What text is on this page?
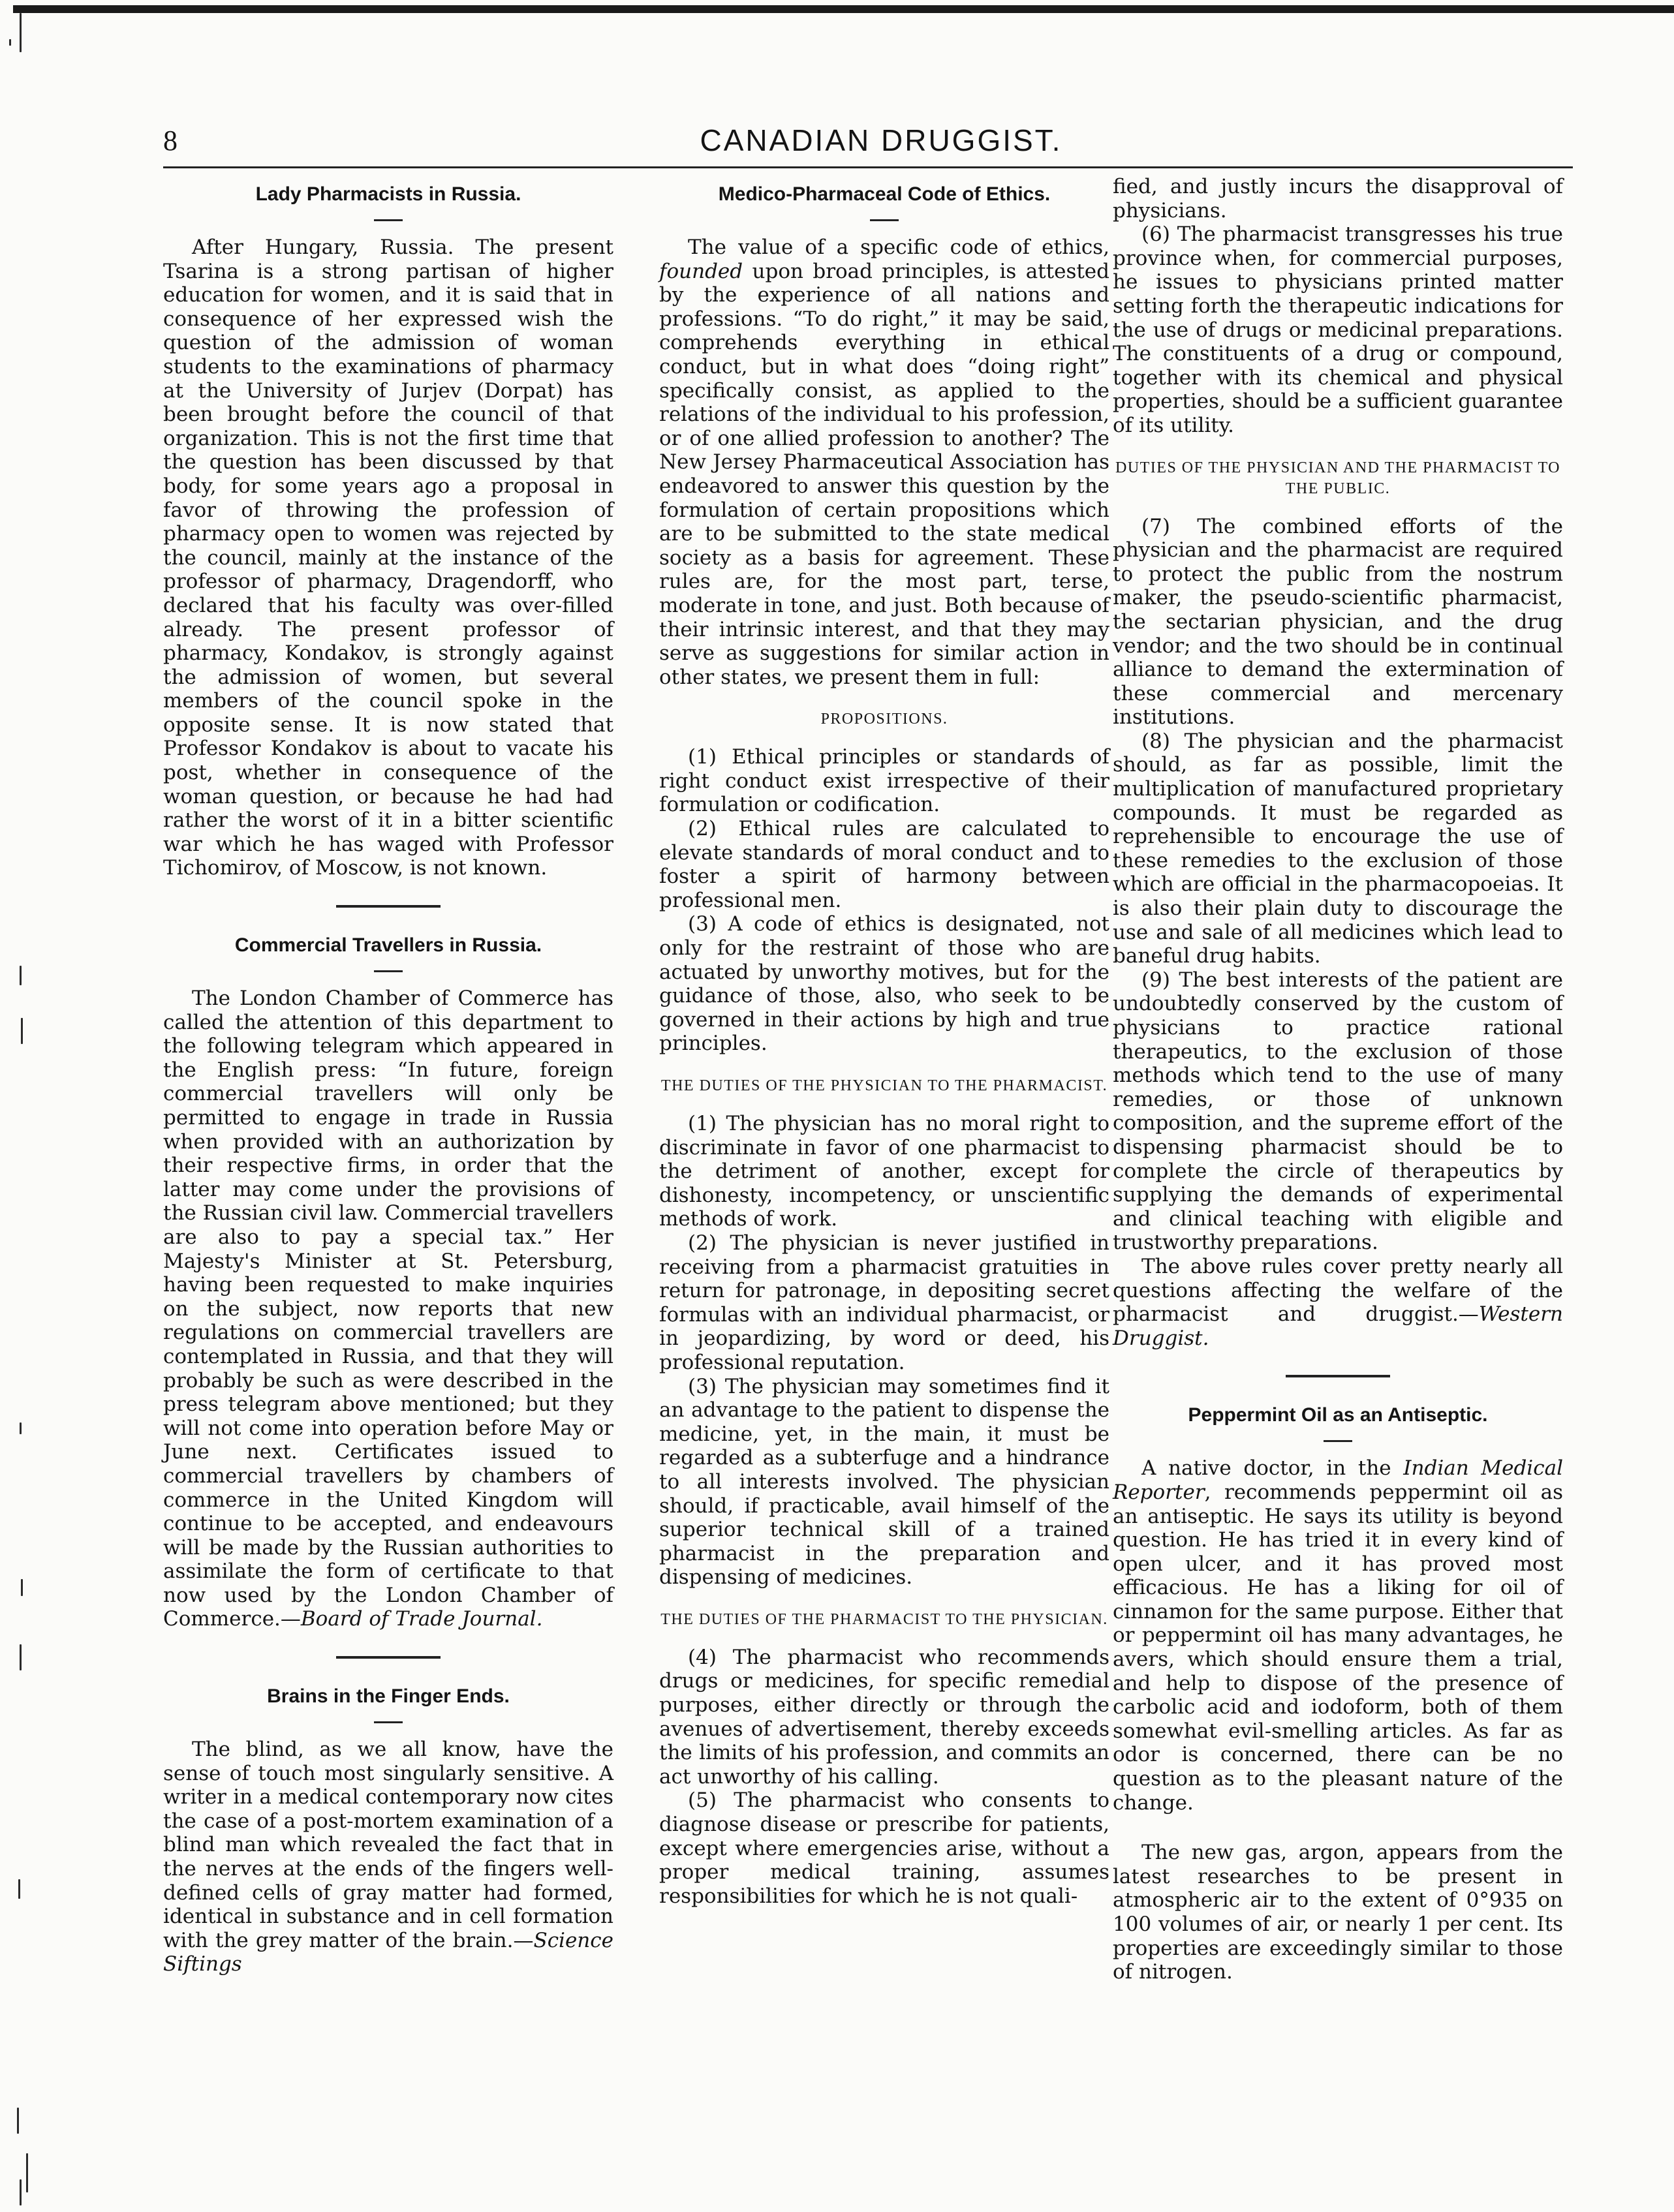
8	CANADIAN DRUGGIST.
Lady Pharmacists in Russia.

After Hungary, Russia. The present Tsarina is a strong partisan of higher education for women, and it is said that in consequence of her expressed wish the question of the admission of woman students to the examinations of pharmacy at the University of Jurjev (Dorpat) has been brought before the council of that organization. This is not the first time that the question has been discussed by that body, for some years ago a proposal in favor of throwing the profession of pharmacy open to women was rejected by the council, mainly at the instance of the professor of pharmacy, Dragendorff, who declared that his faculty was over-filled already. The present professor of pharmacy, Kondakov, is strongly against the admission of women, but several members of the council spoke in the opposite sense. It is now stated that Professor Kondakov is about to vacate his post, whether in consequence of the woman question, or because he had had rather the worst of it in a bitter scientific war which he has waged with Professor Tichomirov, of Moscow, is not known.

Commercial Travellers in Russia.

The London Chamber of Commerce has called the attention of this department to the following telegram which appeared in the English press: “In future, foreign commercial travellers will only be permitted to engage in trade in Russia when provided with an authorization by their respective firms, in order that the latter may come under the provisions of the Russian civil law. Commercial travellers are also to pay a special tax.” Her Majesty's Minister at St. Petersburg, having been requested to make inquiries on the subject, now reports that new regulations on commercial travellers are contemplated in Russia, and that they will probably be such as were described in the press telegram above mentioned; but they will not come into operation before May or June next. Certificates issued to commercial travellers by chambers of commerce in the United Kingdom will continue to be accepted, and endeavours will be made by the Russian authorities to assimilate the form of certificate to that now used by the London Chamber of Commerce.—Board of Trade Journal.

Brains in the Finger Ends.

The blind, as we all know, have the sense of touch most singularly sensitive. A writer in a medical contemporary now cites the case of a post-mortem examination of a blind man which revealed the fact that in the nerves at the ends of the fingers well-defined cells of gray matter had formed, identical in substance and in cell formation with the grey matter of the brain.—Science Siftings

Medico-Pharmaceal Code of Ethics.

The value of a specific code of ethics, founded upon broad principles, is attested by the experience of all nations and professions. “To do right,” it may be said, comprehends everything in ethical conduct, but in what does “doing right” specifically consist, as applied to the relations of the individual to his profession, or of one allied profession to another? The New Jersey Pharmaceutical Association has endeavored to answer this question by the formulation of certain propositions which are to be submitted to the state medical society as a basis for agreement. These rules are, for the most part, terse, moderate in tone, and just. Both because of their intrinsic interest, and that they may serve as suggestions for similar action in other states, we present them in full:

PROPOSITIONS.

(1) Ethical principles or standards of right conduct exist irrespective of their formulation or codification.

(2) Ethical rules are calculated to elevate standards of moral conduct and to foster a spirit of harmony between professional men.

(3) A code of ethics is designated, not only for the restraint of those who are actuated by unworthy motives, but for the guidance of those, also, who seek to be governed in their actions by high and true principles.

THE DUTIES OF THE PHYSICIAN TO THE PHARMACIST.

(1) The physician has no moral right to discriminate in favor of one pharmacist to the detriment of another, except for dishonesty, incompetency, or unscientific methods of work.

(2) The physician is never justified in receiving from a pharmacist gratuities in return for patronage, in depositing secret formulas with an individual pharmacist, or in jeopardizing, by word or deed, his professional reputation.

(3) The physician may sometimes find it an advantage to the patient to dispense the medicine, yet, in the main, it must be regarded as a subterfuge and a hindrance to all interests involved. The physician should, if practicable, avail himself of the superior technical skill of a trained pharmacist in the preparation and dispensing of medicines.

THE DUTIES OF THE PHARMACIST TO THE PHYSICIAN.

(4) The pharmacist who recommends drugs or medicines, for specific remedial purposes, either directly or through the avenues of advertisement, thereby exceeds the limits of his profession, and commits an act unworthy of his calling.

(5) The pharmacist who consents to diagnose disease or prescribe for patients, except where emergencies arise, without a proper medical training, assumes responsibilities for which he is not quali-

fied, and justly incurs the disapproval of physicians.

(6) The pharmacist transgresses his true province when, for commercial purposes, he issues to physicians printed matter setting forth the therapeutic indications for the use of drugs or medicinal preparations. The constituents of a drug or compound, together with its chemical and physical properties, should be a sufficient guarantee of its utility.

DUTIES OF THE PHYSICIAN AND THE PHARMACIST TO THE PUBLIC.

(7) The combined efforts of the physician and the pharmacist are required to protect the public from the nostrum maker, the pseudo-scientific pharmacist, the sectarian physician, and the drug vendor; and the two should be in continual alliance to demand the extermination of these commercial and mercenary institutions.

(8) The physician and the pharmacist should, as far as possible, limit the multiplication of manufactured proprietary compounds. It must be regarded as reprehensible to encourage the use of these remedies to the exclusion of those which are official in the pharmacopoeias. It is also their plain duty to discourage the use and sale of all medicines which lead to baneful drug habits.

(9) The best interests of the patient are undoubtedly conserved by the custom of physicians to practice rational therapeutics, to the exclusion of those methods which tend to the use of many remedies, or those of unknown composition, and the supreme effort of the dispensing pharmacist should be to complete the circle of therapeutics by supplying the demands of experimental and clinical teaching with eligible and trustworthy preparations.

The above rules cover pretty nearly all questions affecting the welfare of the pharmacist and druggist.—Western Druggist.

Peppermint Oil as an Antiseptic.

A native doctor, in the Indian Medical Reporter, recommends peppermint oil as an antiseptic. He says its utility is beyond question. He has tried it in every kind of open ulcer, and it has proved most efficacious. He has a liking for oil of cinnamon for the same purpose. Either that or peppermint oil has many advantages, he avers, which should ensure them a trial, and help to dispose of the presence of carbolic acid and iodoform, both of them somewhat evil-smelling articles. As far as odor is concerned, there can be no question as to the pleasant nature of the change.

The new gas, argon, appears from the latest researches to be present in atmospheric air to the extent of 0°935 on 100 volumes of air, or nearly 1 per cent. Its properties are exceedingly similar to those of nitrogen.
